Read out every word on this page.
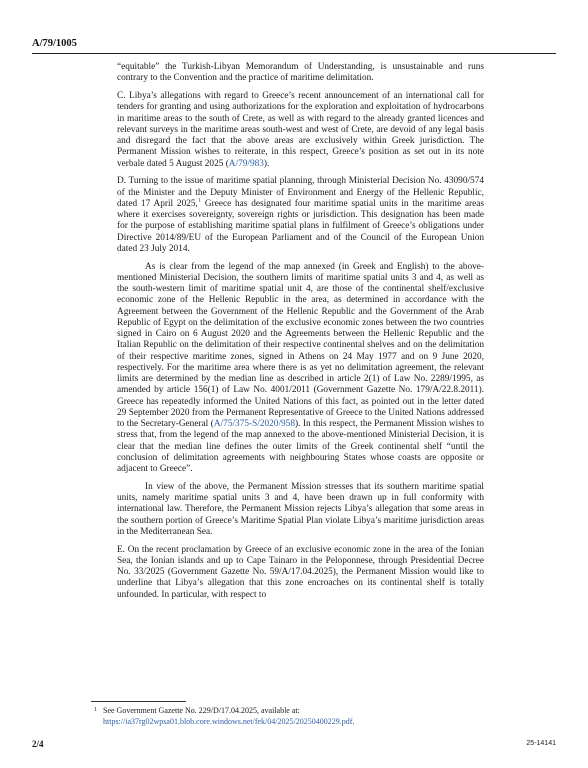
A/79/1005

“equitable” the Turkish-Libyan Memorandum of Understanding, is unsustainable and runs contrary to the Convention and the practice of maritime delimitation.

C. Libya’s allegations with regard to Greece’s recent announcement of an international call for tenders for granting and using authorizations for the exploration and exploitation of hydrocarbons in maritime areas to the south of Crete, as well as with regard to the already granted licences and relevant surveys in the maritime areas south-west and west of Crete, are devoid of any legal basis and disregard the fact that the above areas are exclusively within Greek jurisdiction. The Permanent Mission wishes to reiterate, in this respect, Greece’s position as set out in its note verbale dated 5 August 2025 (A/79/983).

D. Turning to the issue of maritime spatial planning, through Ministerial Decision No. 43090/574 of the Minister and the Deputy Minister of Environment and Energy of the Hellenic Republic, dated 17 April 2025,$^1$ Greece has designated four maritime spatial units in the maritime areas where it exercises sovereignty, sovereign rights or jurisdiction. This designation has been made for the purpose of establishing maritime spatial plans in fulfilment of Greece’s obligations under Directive 2014/89/EU of the European Parliament and of the Council of the European Union dated 23 July 2014.

As is clear from the legend of the map annexed (in Greek and English) to the above-mentioned Ministerial Decision, the southern limits of maritime spatial units 3 and 4, as well as the south-western limit of maritime spatial unit 4, are those of the continental shelf/exclusive economic zone of the Hellenic Republic in the area, as determined in accordance with the Agreement between the Government of the Hellenic Republic and the Government of the Arab Republic of Egypt on the delimitation of the exclusive economic zones between the two countries signed in Cairo on 6 August 2020 and the Agreements between the Hellenic Republic and the Italian Republic on the delimitation of their respective continental shelves and on the delimitation of their respective maritime zones, signed in Athens on 24 May 1977 and on 9 June 2020, respectively. For the maritime area where there is as yet no delimitation agreement, the relevant limits are determined by the median line as described in article 2(1) of Law No. 2289/1995, as amended by article 156(1) of Law No. 4001/2011 (Government Gazette No. 179/A/22.8.2011). Greece has repeatedly informed the United Nations of this fact, as pointed out in the letter dated 29 September 2020 from the Permanent Representative of Greece to the United Nations addressed to the Secretary-General (A/75/375-S/2020/958). In this respect, the Permanent Mission wishes to stress that, from the legend of the map annexed to the above-mentioned Ministerial Decision, it is clear that the median line defines the outer limits of the Greek continental shelf “until the conclusion of delimitation agreements with neighbouring States whose coasts are opposite or adjacent to Greece”.

In view of the above, the Permanent Mission stresses that its southern maritime spatial units, namely maritime spatial units 3 and 4, have been drawn up in full conformity with international law. Therefore, the Permanent Mission rejects Libya’s allegation that some areas in the southern portion of Greece’s Maritime Spatial Plan violate Libya’s maritime jurisdiction areas in the Mediterranean Sea.

E. On the recent proclamation by Greece of an exclusive economic zone in the area of the Ionian Sea, the Ionian islands and up to Cape Tainaro in the Peloponnese, through Presidential Decree No. 33/2025 (Government Gazette No. 59/A/17.04.2025), the Permanent Mission would like to underline that Libya’s allegation that this zone encroaches on its continental shelf is totally unfounded. In particular, with respect to

1 See Government Gazette No. 229/D/17.04.2025, available at:
https://ia37rg02wpsa01.blob.core.windows.net/fek/04/2025/20250400229.pdf.
2/4	25-14141
